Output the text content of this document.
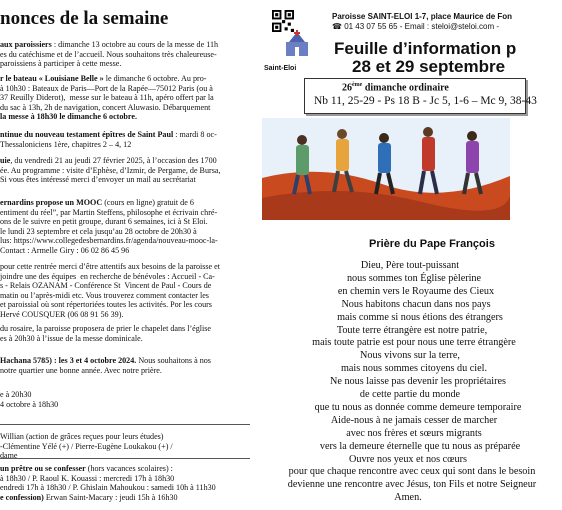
nonces de la semaine
aux paroissiers : dimanche 13 octobre au cours de la messe de 11h
es du catéchisme et de l’accueil. Nous souhaitons très chaleureuse-
paroissiens à participer à cette messe.
r le bateau « Louisiane Belle » le dimanche 6 octobre. Au pro-
à 10h30 : Bateaux de Paris—Port de la Rapée—75012 Paris (ou à
37 Reuilly Diderot),  messe sur le bateau à 11h, apéro offert par la
du sac à 13h, 2h de navigation, concert Aluwasio. Débarquement
la messe à 18h30 le dimanche 6 octobre.
ntinue du nouveau testament épîtres de Saint Paul : mardi 8 oc-
Thessaloniciens 1ère, chapitres 2 – 4, 12
uie, du vendredi 21 au jeudi 27 février 2025, à l’occasion des 1700
ée. Au programme : visite d’Ephèse, d’Izmir, de Pergame, de Bursa,
Si vous êtes intéressé merci d’envoyer un mail au secrétariat
ernardins propose un MOOC (cours en ligne) gratuit de 6
entiment du réel”, par Martin Steffens, philosophe et écrivain chré-
ons de le suivre en petit groupe, durant 6 semaines, ici à St Eloi.
le lundi 23 septembre et cela jusqu’au 28 octobre de 20h30 à
lus: https://www.collegedesbernardins.fr/agenda/nouveau-mooc-la-
Contact : Armelle Giry : 06 02 86 45 96
pour cette rentrée merci d’être attentifs aux besoins de la paroisse et
joindre une des équipes  en recherche de bénévoles : Accueil - Ca-
s - Relais OZANAM - Conférence St  Vincent de Paul - Cours de
matin ou l’après-midi etc. Vous trouverez comment contacter les
et paroissial où sont répertoriées toutes les activités. Por les cours
Hervé COUSQUER (06 08 91 56 39).
du rosaire, la paroisse proposera de prier le chapelet dans l’église
es à 20h30 à l’issue de la messe dominicale.
Hachana 5785) : les 3 et 4 octobre 2024. Nous souhaitons à nos
notre quartier une bonne année. Avec notre prière.
e à 20h30
4 octobre à 18h30
Willian (action de grâces reçues pour leurs études)
-Clémentine Yélé (+) / Pierre-Eugène Loukakou (+) /
dame
un prêtre ou se confesser (hors vacances scolaires) :
à 18h30 / P. Raoul K. Kouassi : mercredi 17h à 18h30
endredi 17h à 18h30 / P. Ghislain Mahoukou : samedi 10h à 11h30
e confession) Erwan Saint-Macary : jeudi 15h à 16h30
Saint-Eloi
Paroisse SAINT-ELOI 1-7, place Maurice de Fon
☎ 01 43 07 55 65 - Email : steloi@steloi.com -
Feuille d’information p
28 et 29 septembre
26ème dimanche ordinaire
Nb 11, 25-29 - Ps 18 B - Jc 5, 1-6 – Mc 9, 38-43
Prière du Pape François
Dieu, Père tout-puissant
nous sommes ton Église pèlerine
en chemin vers le Royaume des Cieux
Nous habitons chacun dans nos pays
mais comme si nous étions des étrangers
Toute terre étrangère est notre patrie,
mais toute patrie est pour nous une terre étrangère
Nous vivons sur la terre,
mais nous sommes citoyens du ciel.
Ne nous laisse pas devenir les propriétaires
de cette partie du monde
que tu nous as donnée comme demeure temporaire
Aide-nous à ne jamais cesser de marcher
avec nos frères et sœurs migrants
vers la demeure éternelle que tu nous as préparée
Ouvre nos yeux et nos cœurs
pour que chaque rencontre avec ceux qui sont dans le besoin
devienne une rencontre avec Jésus, ton Fils et notre Seigneur
Amen.
